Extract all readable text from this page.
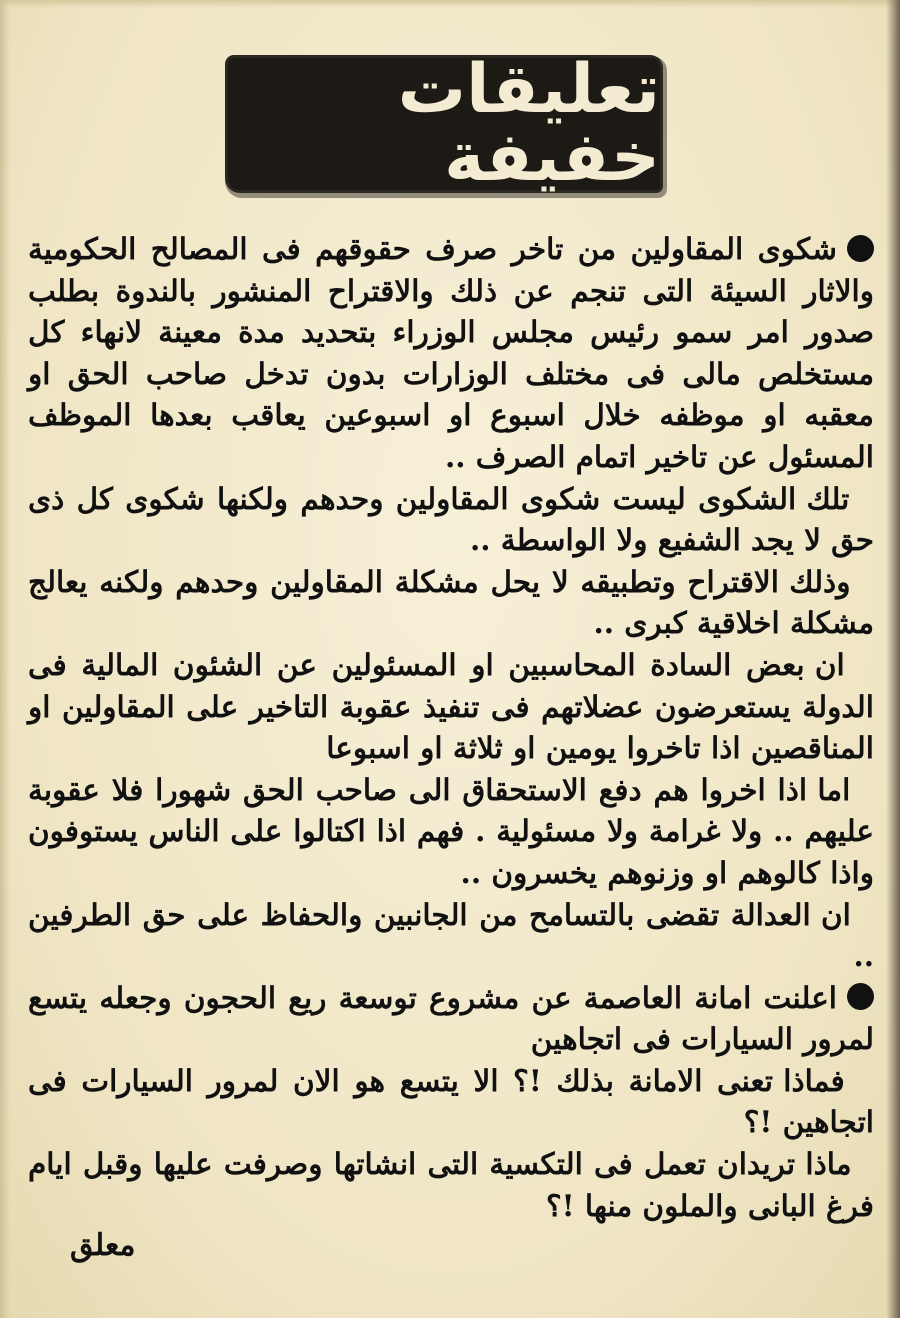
تعليقات خفيفة

شكوى المقاولين من تاخر صرف حقوقهم فى المصالح الحكومية والاثار السيئة التى تنجم عن ذلك والاقتراح المنشور بالندوة بطلب صدور امر سمو رئيس مجلس الوزراء بتحديد مدة معينة لانهاء كل مستخلص مالى فى مختلف الوزارات بدون تدخل صاحب الحق او معقبه او موظفه خلال اسبوع او اسبوعين يعاقب بعدها الموظف المسئول عن تاخير اتمام الصرف ..

تلك الشكوى ليست شكوى المقاولين وحدهم ولكنها شكوى كل ذى حق لا يجد الشفيع ولا الواسطة ..

وذلك الاقتراح وتطبيقه لا يحل مشكلة المقاولين وحدهم ولكنه يعالج مشكلة اخلاقية كبرى ..

ان بعض السادة المحاسبين او المسئولين عن الشئون المالية فى الدولة يستعرضون عضلاتهم فى تنفيذ عقوبة التاخير على المقاولين او المناقصين اذا تاخروا يومين او ثلاثة او اسبوعا

اما اذا اخروا هم دفع الاستحقاق الى صاحب الحق شهورا فلا عقوبة عليهم .. ولا غرامة ولا مسئولية . فهم اذا اكتالوا على الناس يستوفون واذا كالوهم او وزنوهم يخسرون ..

ان العدالة تقضى بالتسامح من الجانبين والحفاظ على حق الطرفين ..

اعلنت امانة العاصمة عن مشروع توسعة ريع الحجون وجعله يتسع لمرور السيارات فى اتجاهين

فماذا تعنى الامانة بذلك !؟ الا يتسع هو الان لمرور السيارات فى اتجاهين !؟

ماذا تريدان تعمل فى التكسية التى انشاتها وصرفت عليها وقبل ايام فرغ البانى والملون منها !؟

معلق
